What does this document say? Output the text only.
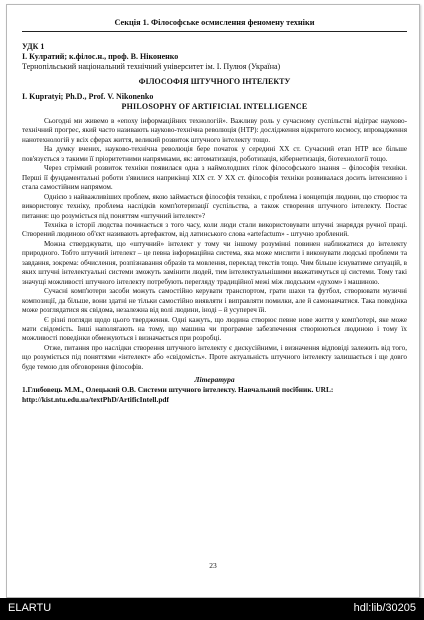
Секція 1. Філософське осмислення феномену техніки
УДК 1
І. Кулратий; к.філос.н., проф. В. Ніконенко
Тернопільський національний технічний університет ім. І. Пулюя (Україна)
ФІЛОСОФІЯ ШТУЧНОГО ІНТЕЛЕКТУ
I. Kupratyi; Ph.D., Prof. V. Nikonenko
PHILOSOPHY OF ARTIFICIAL INTELLIGENCE

Сьогодні ми живемо в «епоху інформаційних технологій». Важливу роль у сучасному суспільстві відіграє науково-технічний прогрес, який часто називають науково-технічна революція (НТР): дослідження відкритого космосу, впровадження нанотехнологій у всіх сферах життя, великий розвиток штучного інтелекту тощо.

На думку вчених, науково-технічна революція бере початок у середині XX ст. Сучасний етап НТР все більше пов'язується з такими її пріоритетними напрямками, як: автоматизація, роботизація, кібернетизація, біотехнології тощо.

Через стрімкий розвиток техніки появилася одна з наймолодших гілок філософського знання – філософія техніки. Перші її фундаментальні роботи з'явилися наприкінці XIX ст. У XX ст. філософія техніки розвивалася досить інтенсивно і стала самостійним напрямом.

Однією з найважливіших проблем, якою займається філософія техніки, є проблема і концепція людини, що створює та використовує техніку, проблема наслідків комп'ютеризації суспільства, а також створення штучного інтелекту. Постає питання: що розуміється під поняттям «штучний інтелект»?

Техніка в історії людства починається з того часу, коли люди стали використовувати штучні знаряддя ручної праці. Створений людиною об'єкт називають артефактом, від латинського слова «artefactum» - штучно зроблений.

Можна стверджувати, що «штучний» інтелект у тому чи іншому розумінні повинен наближатися до інтелекту природного. Тобто штучний інтелект – це певна інформаційна система, яка може мислити і виконувати людські проблеми та завдання, зокрема: обчислення, розпізнавання образів та мовлення, переклад текстів тощо. Чим більше існуватиме ситуацій, в яких штучні інтелектуальні системи зможуть замінити людей, тим інтелектуальнішими вважатимуться ці системи. Тому такі значущі можливості штучного інтелекту потребують перегляду традиційної межі між людським «духом» і машиною.

Сучасні комп'ютери засоби можуть самостійно керувати транспортом, грати шахи та футбол, створювати музичні композиції, да більше, вони здатні не тільки самостійно виявляти і виправляти помилки, але й самонавчатися. Така поведінка може розглядатися як свідома, незалежна від волі людини, іноді – й усупереч їй.

Є різні погляди щодо цього твердження. Одні кажуть, що людина створює певне нове життя у комп'ютері, яке може мати свідомість. Інші наполягають на тому, що машина чи програмне забезпечення створюються людиною і тому їх можливості поведінки обмежуються і визначається при розробці.

Отже, питання про наслідки створення штучного інтелекту є дискусійними, і визначення відповіді залежить від того, що розуміється під поняттями «інтелект» або «свідомість». Проте актуальність штучного інтелекту залишається і ще довго буде темою для обговорення філософів.

Література
1.Глибовець М.М., Олецький О.В. Системи штучного інтелекту. Навчальний посібник. URL: http://kist.ntu.edu.ua/textPhD/ArtificIntell.pdf
23
ELARTU	hdl:lib/30205
